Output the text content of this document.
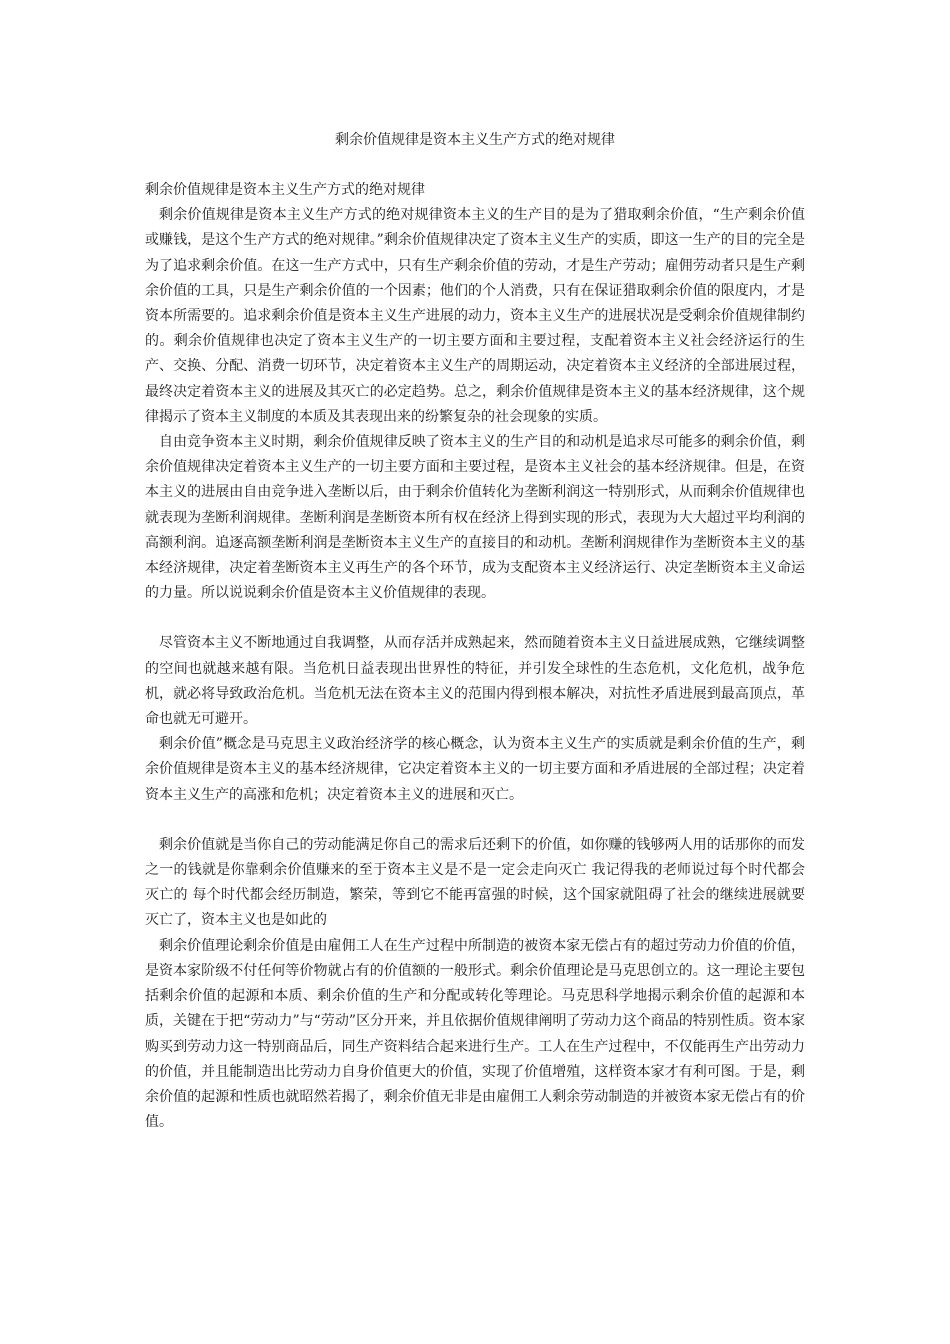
剩余价值规律是资本主义生产方式的绝对规律

剩余价值规律是资本主义生产方式的绝对规律

剩余价值规律是资本主义生产方式的绝对规律资本主义的生产目的是为了猎取剩余价值，“生产剩余价值或赚钱，是这个生产方式的绝对规律。”剩余价值规律决定了资本主义生产的实质，即这一生产的目的完全是为了追求剩余价值。在这一生产方式中，只有生产剩余价值的劳动，才是生产劳动；雇佣劳动者只是生产剩余价值的工具，只是生产剩余价值的一个因素；他们的个人消费，只有在保证猎取剩余价值的限度内，才是资本所需要的。追求剩余价值是资本主义生产进展的动力，资本主义生产的进展状况是受剩余价值规律制约的。剩余价值规律也决定了资本主义生产的一切主要方面和主要过程，支配着资本主义社会经济运行的生产、交换、分配、消费一切环节，决定着资本主义生产的周期运动，决定着资本主义经济的全部进展过程，最终决定着资本主义的进展及其灭亡的必定趋势。总之，剩余价值规律是资本主义的基本经济规律，这个规律揭示了资本主义制度的本质及其表现出来的纷繁复杂的社会现象的实质。

自由竞争资本主义时期，剩余价值规律反映了资本主义的生产目的和动机是追求尽可能多的剩余价值，剩余价值规律决定着资本主义生产的一切主要方面和主要过程，是资本主义社会的基本经济规律。但是，在资本主义的进展由自由竞争进入垄断以后，由于剩余价值转化为垄断利润这一特别形式，从而剩余价值规律也就表现为垄断利润规律。垄断利润是垄断资本所有权在经济上得到实现的形式，表现为大大超过平均利润的高额利润。追逐高额垄断利润是垄断资本主义生产的直接目的和动机。垄断利润规律作为垄断资本主义的基本经济规律，决定着垄断资本主义再生产的各个环节，成为支配资本主义经济运行、决定垄断资本主义命运的力量。所以说说剩余价值是资本主义价值规律的表现。

尽管资本主义不断地通过自我调整，从而存活并成熟起来，然而随着资本主义日益进展成熟，它继续调整的空间也就越来越有限。当危机日益表现出世界性的特征，并引发全球性的生态危机，文化危机，战争危机，就必将导致政治危机。当危机无法在资本主义的范围内得到根本解决，对抗性矛盾进展到最高顶点，革命也就无可避开。

剩余价值”概念是马克思主义政治经济学的核心概念，认为资本主义生产的实质就是剩余价值的生产，剩余价值规律是资本主义的基本经济规律，它决定着资本主义的一切主要方面和矛盾进展的全部过程；决定着资本主义生产的高涨和危机；决定着资本主义的进展和灭亡。

剩余价值就是当你自己的劳动能满足你自己的需求后还剩下的价值，如你赚的钱够两人用的话那你的而发之一的钱就是你靠剩余价值赚来的至于资本主义是不是一定会走向灭亡 我记得我的老师说过每个时代都会灭亡的 每个时代都会经历制造，繁荣，等到它不能再富强的时候，这个国家就阻碍了社会的继续进展就要灭亡了，资本主义也是如此的

剩余价值理论剩余价值是由雇佣工人在生产过程中所制造的被资本家无偿占有的超过劳动力价值的价值，是资本家阶级不付任何等价物就占有的价值额的一般形式。剩余价值理论是马克思创立的。这一理论主要包括剩余价值的起源和本质、剩余价值的生产和分配或转化等理论。马克思科学地揭示剩余价值的起源和本质，关键在于把“劳动力”与“劳动”区分开来，并且依据价值规律阐明了劳动力这个商品的特别性质。资本家购买到劳动力这一特别商品后，同生产资料结合起来进行生产。工人在生产过程中，不仅能再生产出劳动力的价值，并且能制造出比劳动力自身价值更大的价值，实现了价值增殖，这样资本家才有利可图。于是，剩余价值的起源和性质也就昭然若揭了，剩余价值无非是由雇佣工人剩余劳动制造的并被资本家无偿占有的价值。
